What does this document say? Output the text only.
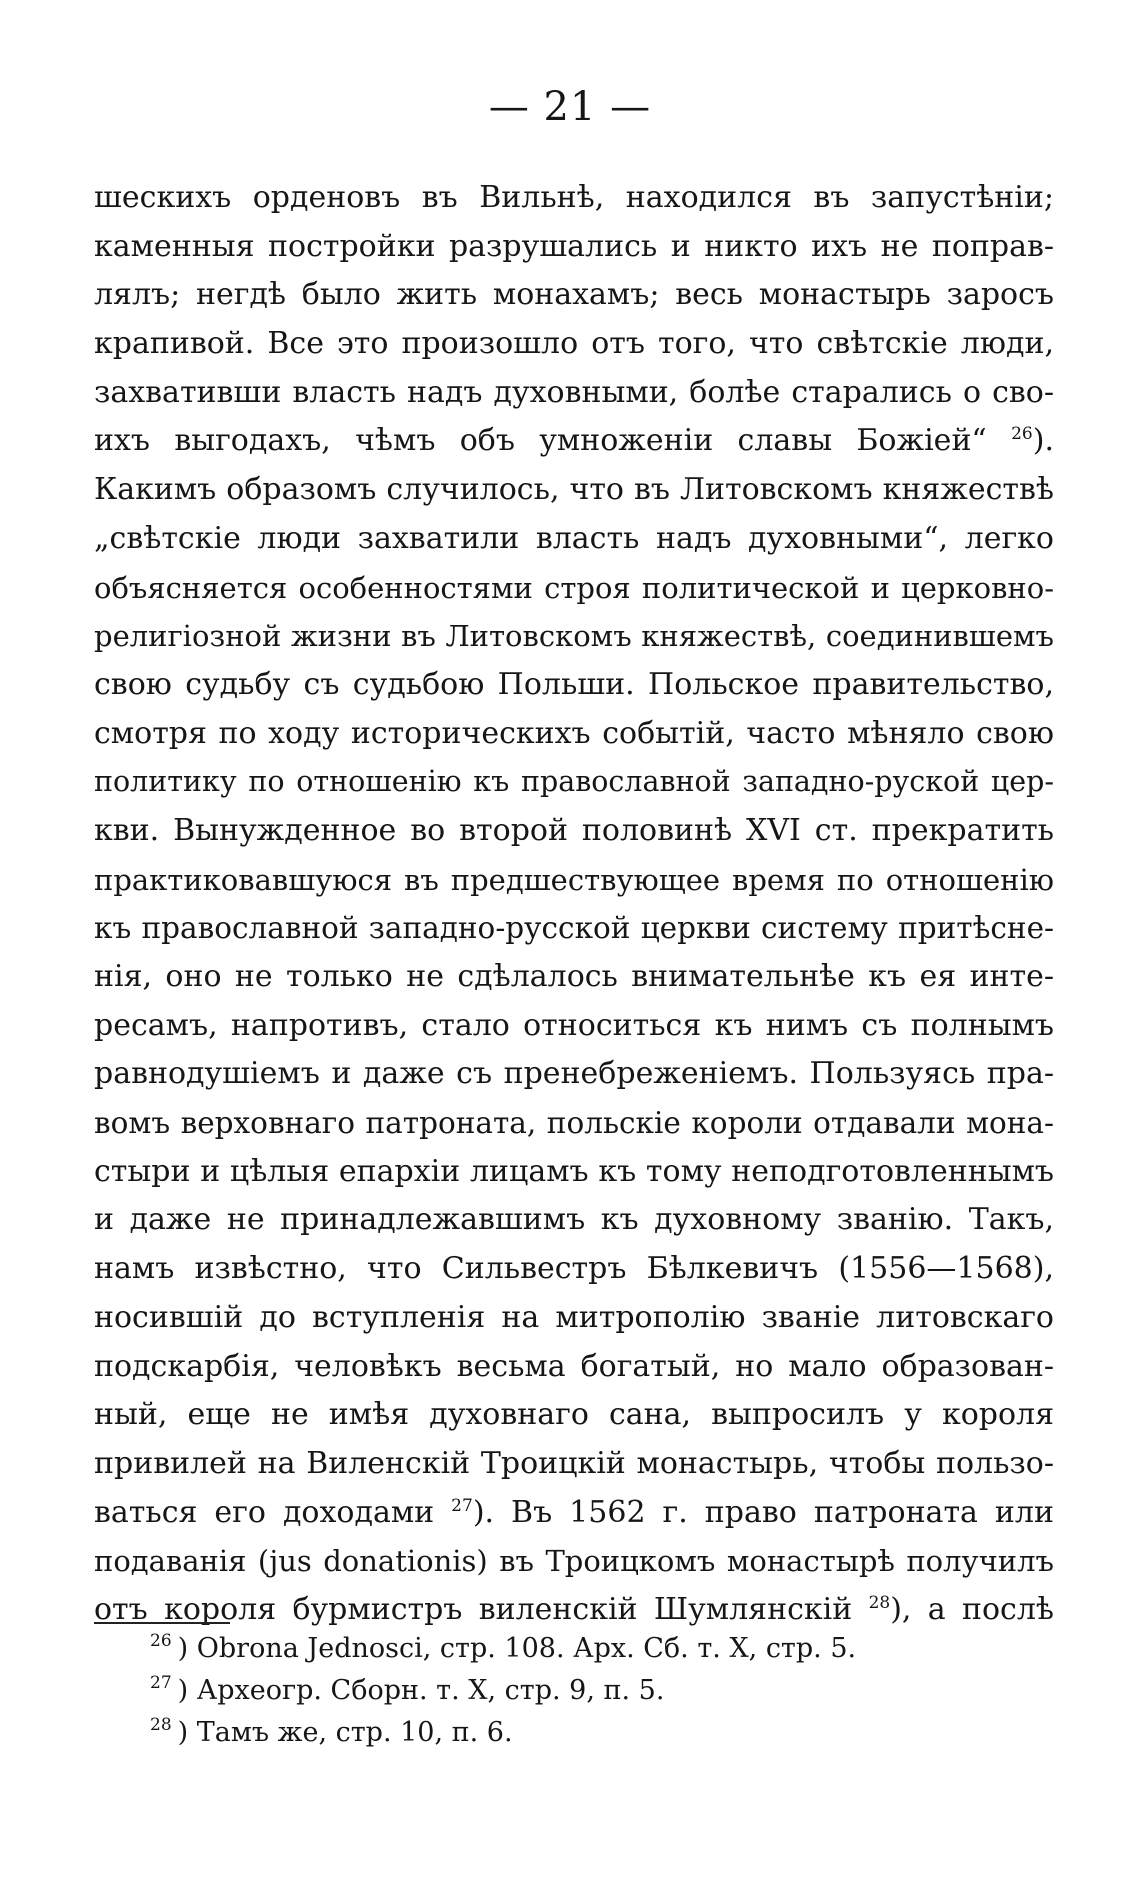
— 21 —
шескихъ орденовъ въ Вильнѣ, находился въ запустѣніи;
каменныя постройки разрушались и никто ихъ не поправ-
лялъ; негдѣ было жить монахамъ; весь монастырь заросъ
крапивой. Все это произошло отъ того, что свѣтскіе люди,
захвативши власть надъ духовными, болѣе старались о сво-
ихъ выгодахъ, чѣмъ объ умноженіи славы Божіей“ $^{26}$).
Какимъ образомъ случилось, что въ Литовскомъ княжествѣ
„свѣтскіе люди захватили власть надъ духовными“, легко
объясняется особенностями строя политической и церковно-
религіозной жизни въ Литовскомъ княжествѣ, соединившемъ
свою судьбу съ судьбою Польши. Польское правительство,
смотря по ходу историческихъ событій, часто мѣняло свою
политику по отношенію къ православной западно-руской цер-
кви. Вынужденное во второй половинѣ XVI ст. прекратить
практиковавшуюся въ предшествующее время по отношенію
къ православной западно-русской церкви систему притѣсне-
нія, оно не только не сдѣлалось внимательнѣе къ ея инте-
ресамъ, напротивъ, стало относиться къ нимъ съ полнымъ
равнодушіемъ и даже съ пренебреженіемъ. Пользуясь пра-
вомъ верховнаго патроната, польскіе короли отдавали мона-
стыри и цѣлыя епархіи лицамъ къ тому неподготовленнымъ
и даже не принадлежавшимъ къ духовному званію. Такъ,
намъ извѣстно, что Сильвестръ Бѣлкевичъ (1556—1568),
носившій до вступленія на митрополію званіе литовскаго
подскарбія, человѣкъ весьма богатый, но мало образован-
ный, еще не имѣя духовнаго сана, выпросилъ у короля
привилей на Виленскій Троицкій монастырь, чтобы пользо-
ваться его доходами $^{27}$). Въ 1562 г. право патроната или
подаванія (jus donationis) въ Троицкомъ монастырѣ получилъ
отъ короля бурмистръ виленскій Шумлянскій $^{28}$), а послѣ
$^{26}$ ) Obrona Jednosci, стр. 108. Арх. Сб. т. X, стр. 5.
$^{27}$ ) Археогр. Сборн. т. X, стр. 9, п. 5.
$^{28}$ ) Тамъ же, стр. 10, п. 6.
